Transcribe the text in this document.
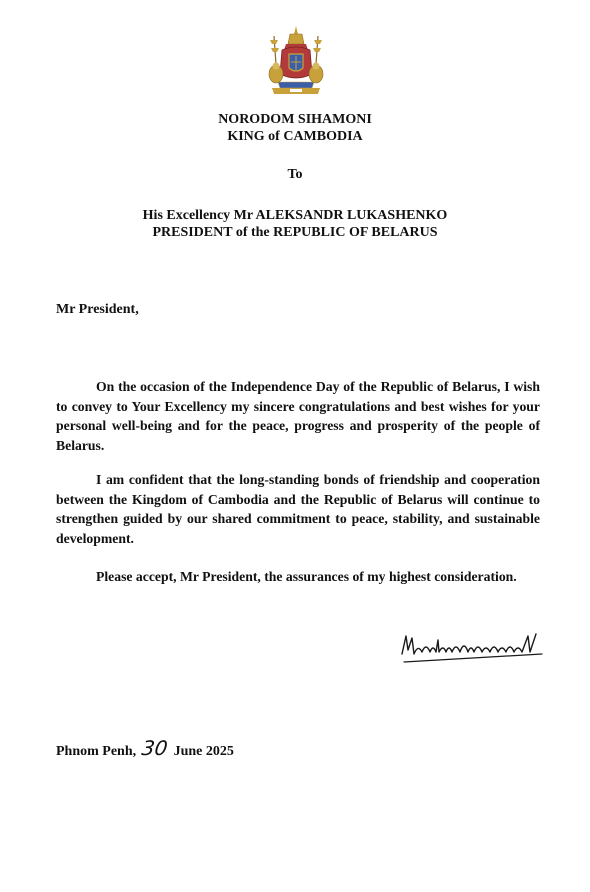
NORODOM SIHAMONI
KING of CAMBODIA
To
His Excellency Mr ALEKSANDR LUKASHENKO
PRESIDENT of the REPUBLIC OF BELARUS
Mr President,

On the occasion of the Independence Day of the Republic of Belarus, I wish to convey to Your Excellency my sincere congratulations and best wishes for your personal well-being and for the peace, progress and prosperity of the people of Belarus.

I am confident that the long-standing bonds of friendship and cooperation between the Kingdom of Cambodia and the Republic of Belarus will continue to strengthen guided by our shared commitment to peace, stability, and sustainable development.

Please accept, Mr President, the assurances of my highest consideration.

Phnom Penh, 30 June 2025
